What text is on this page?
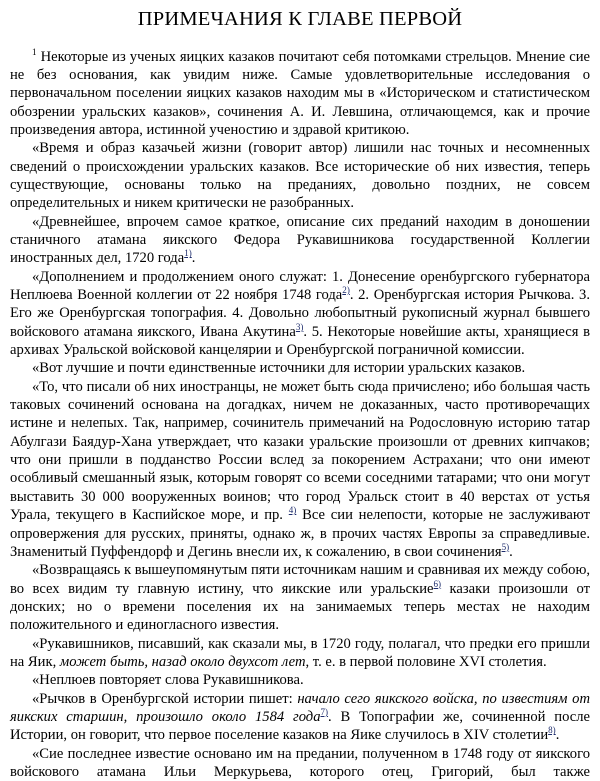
ПРИМЕЧАНИЯ К ГЛАВЕ ПЕРВОЙ

$^1$ Некоторые из ученых яицких казаков почитают себя потомками стрельцов. Мнение сие не без основания, как увидим ниже. Самые удовлетворительные исследования о первоначальном поселении яицких казаков находим мы в «Историческом и статистическом обозрении уральских казаков», сочинения А. И. Левшина, отличающемся, как и прочие произведения автора, истинной ученостию и здравой критикою.

«Время и образ казачьей жизни (говорит автор) лишили нас точных и несомненных сведений о происхождении уральских казаков. Все исторические об них известия, теперь существующие, основаны только на преданиях, довольно поздних, не совсем определительных и никем критически не разобранных.

«Древнейшее, впрочем самое краткое, описание сих преданий находим в доношении станичного атамана яикского Федора Рукавишникова государственной Коллегии иностранных дел, 1720 года$^{1)}$.

«Дополнением и продолжением оного служат: 1. Донесение оренбургского губернатора Неплюева Военной коллегии от 22 ноября 1748 года$^{2)}$. 2. Оренбургская история Рычкова. 3. Его же Оренбургская топография. 4. Довольно любопытный рукописный журнал бывшего войскового атамана яикского, Ивана Акутина$^{3)}$. 5. Некоторые новейшие акты, хранящиеся в архивах Уральской войсковой канцелярии и Оренбургской пограничной комиссии.

«Вот лучшие и почти единственные источники для истории уральских казаков.

«То, что писали об них иностранцы, не может быть сюда причислено; ибо большая часть таковых сочинений основана на догадках, ничем не доказанных, часто противоречащих истине и нелепых. Так, например, сочинитель примечаний на Родословную историю татар Абулгази Баядур-Хана утверждает, что казаки уральские произошли от древних кипчаков; что они пришли в подданство России вслед за покорением Астрахани; что они имеют особливый смешанный язык, которым говорят со всеми соседними татарами; что они могут выставить 30 000 вооруженных воинов; что город Уральск стоит в 40 верстах от устья Урала, текущего в Каспийское море, и пр. $^{4)}$ Все сии нелепости, которые не заслуживают опровержения для русских, приняты, однако ж, в прочих частях Европы за справедливые. Знаменитый Пуффендорф и Дегинь внесли их, к сожалению, в свои сочинения$^{5)}$.

«Возвращаясь к вышеупомянутым пяти источникам нашим и сравнивая их между собою, во всех видим ту главную истину, что яикские или уральские$^{6)}$ казаки произошли от донских; но о времени поселения их на занимаемых теперь местах не находим положительного и единогласного известия.

«Рукавишников, писавший, как сказали мы, в 1720 году, полагал, что предки его пришли на Яик, может быть, назад около двухсот лет, т. е. в первой половине XVI столетия.

«Неплюев повторяет слова Рукавишникова.

«Рычков в Оренбургской истории пишет: начало сего яикского войска, по известиям от яикских старшин, произошло около 1584 года$^{7)}$. В Топографии же, сочиненной после Истории, он говорит, что первое поселение казаков на Яике случилось в XIV столетии$^{8)}$.

«Сие последнее известие основано им на предании, полученном в 1748 году от яикского войскового атамана Ильи Меркурьева, которого отец, Григорий, был также
